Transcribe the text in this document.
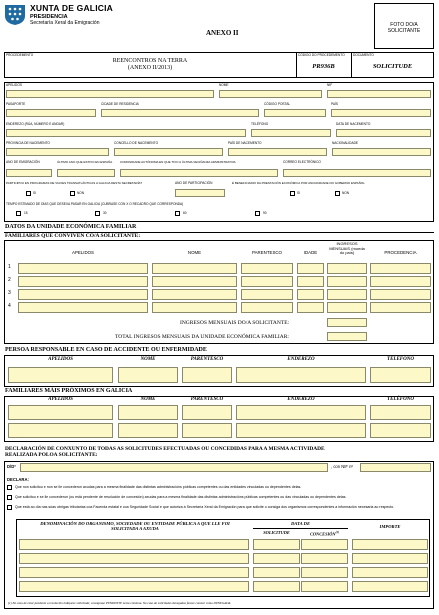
XUNTA DE GALICIA
PRESIDENCIA
Secretaría Xeral da Emigración
ANEXO II
FOTO DO/A
SOLICITANTE
PROCEDEMENTO
REENCONTROS NA TERRA
(ANEXO II/2013)
CÓDIGO DO PROCEDEMENTO
PR936B
DOCUMENTO
SOLICITUDE
APELIDOS	NOME	NIF
PASAPORTE	CIDADE DE RESIDENCIA	CÓDIGO POSTAL	PAÍS
ENDEREZO (RÚA, NÚMERO E ANDAR)	TELÉFONO	DATA DE NACEMENTO
PROVINCIA DE NACEMENTO	CONCELLO DE NACEMENTO	PAÍS DE NACEMENTO	NACIONALIDADE
ANO DE EMIGRACIÓN	ÚLTIMO ANO QUE ESTIVO EN ESPAÑA	COMUNIDADE AUTÓNOMA EN QUE TIVO A ÚLTIMA VECIÑANZA ADMINISTRATIVA	CORREO ELECTRÓNICO
PARTICIPOU EN PROGRAMAS DE VIAXES TRANSATLÁNTICAS A GALICIA DESTA SECRETARÍA?
SI	NON
ANO DE PARTICIPACIÓN	É BENEFICIARIO DA PRESTACIÓN ECONÓMICA POR ANCIANIDADE DO GOBERNO ESPAÑOL
SI	NON
TEMPO ESTIMADO DE DÍAS QUE DESEXA PASAR EN GALICIA (CUBRASE CON X O RECADRO QUE CORRESPONDA)
15	30	60	90
DATOS DA UNIDADE ECONÓMICA FAMILIAR
FAMILIARES QUE CONVIVEN CO/A SOLICITANTE:
APELIDOS	NOME	PARENTESCO	IDADE
INGRESOS MENSUAIS (moeda do país)	PROCEDENCIA
1
2
3
4
INGRESOS MENSUAIS DO/A SOLICITANTE:
TOTAL INGRESOS MENSUAIS DA UNIDADE ECONÓMICA FAMILIAR:
PERSOA RESPONSABLE EN CASO DE ACCIDENTE OU ENFERMIDADE
APELIDOS	NOME	PARENTESCO	ENDEREZO	TELÉFONO
FAMILIARES MÁIS PRÓXIMOS EN GALICIA
APELIDOS	NOME	PARENTESCO	ENDEREZO	TELÉFONO
DECLARACIÓN DE CONXUNTO DE TODAS AS SOLICITUDES EFECTUADAS OU CONCEDIDAS PARA A MESMA ACTIVIDADE
REALIZADA POLOA SOLICITANTE:
D/Dª	, con NIF nº
DECLARA:
Que non solicitou e non se lle concederon axudas para a mesma finalidade das distintas administracións públicas competentes ou das entidades vinculadas ou dependentes delas.
Que solicitou e se lle concederon (ou está pendente de resolución de concesión) axudas para a mesma finalidade das distintas administracións públicas competentes ou das vinculadas ou dependentes delas.
Que está ao día nas súas obrigas tributarias coa Facenda estatal e coa Seguridade Social e que autoriza á Secretaría Xeral da Emigración para que solicite o consiga dos organismos correspondentes a información necesaria ao respecto.
DENOMINACIÓN DO ORGANISMO, SOCIEDADE OU ENTIDADE PÚBLICA A QUE LLE FOI SOLICITADA A AXUDA
DATA DE
SOLICITUDE	CONCESIÓN$^{(1)}$
IMPORTE
(1) No caso de estar pendente a resolución indíquese solicitada; consignase PENDENTE nesta columna. No caso de solicitudes denegadas farase constar como DENEGADA.
